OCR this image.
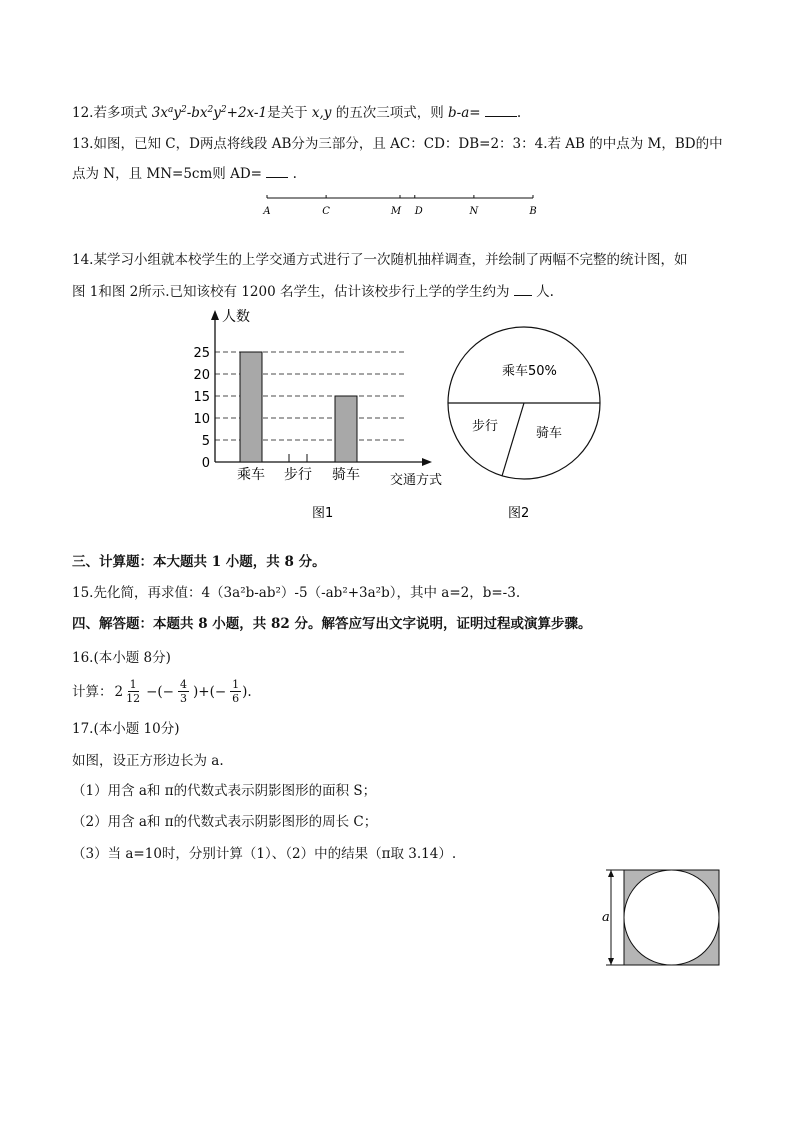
12.若多项式 $3x^ay^2-bx^2y^2+2x-1$是关于 x,y 的五次三项式，则 b-a=	.
13.如图，已知 C，D两点将线段 AB分为三部分，且 AC：CD：DB=2：3：4.若 AB 的中点为 M，BD的中
点为 N，且 MN=5cm则 AD= .
A	C	M D	N	B
14.某学习小组就本校学生的上学交通方式进行了一次随机抽样调查，并绘制了两幅不完整的统计图，如
图 1和图 2所示.已知该校有 1200 名学生，估计该校步行上学的学生约为 人.
人数
交通方式
0
5
10
15
20
25
乘车 步行 骑车
图1
乘车50%
步行	骑车
图2
三、计算题：本大题共 1 小题，共 8 分。
15.先化简，再求值：4（3a²b-ab²）-5（-ab²+3a²b），其中 a=2，b=-3.
四、解答题：本题共 8 小题，共 82 分。解答应写出文字说明，证明过程或演算步骤。
16.(本小题 8分)
计算： $2 \frac{1}{12}$ −(− $\frac{4}{3}$ )+(− $\frac{1}{6}$ ).
17.(本小题 10分)
如图，设正方形边长为 a.
（1）用含 a和 π的代数式表示阴影图形的面积 S；
（2）用含 a和 π的代数式表示阴影图形的周长 C；
（3）当 a=10时，分别计算（1）、（2）中的结果（π取 3.14）.
a
